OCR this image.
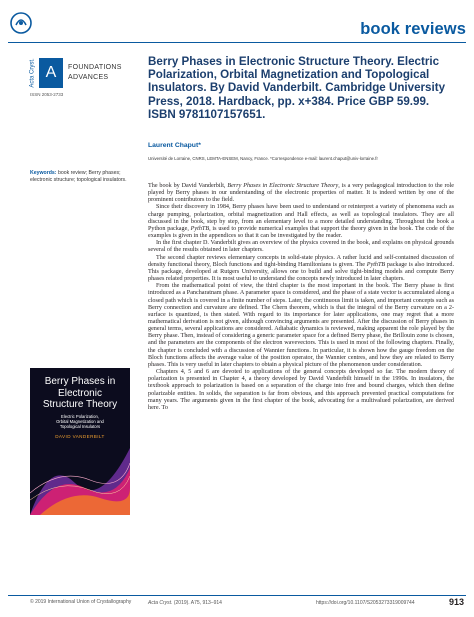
book reviews
Acta Cryst. A	FOUNDATIONS
ADVANCES
ISSN 2053-2733
Keywords: book review; Berry phases; electronic structure; topological insulators.
Berry Phases in
Electronic
Structure Theory
Electric Polarization,
Orbital Magnetization and
Topological Insulators
DAVID VANDERBILT
© 2019 International Union of Crystallography
Berry Phases in Electronic Structure Theory. Electric Polarization, Orbital Magnetization and Topological Insulators. By David Vanderbilt. Cambridge University Press, 2018. Hardback, pp. x+384. Price GBP 59.99. ISBN 9781107157651.
Laurent Chaput*
Université de Lorraine, CNRS, LEMTA-ENSEM, Nancy, France. *Correspondence e-mail: laurent.chaput@univ-lorraine.fr

The book by David Vanderbilt, Berry Phases in Electronic Structure Theory, is a very pedagogical introduction to the role played by Berry phases in our understanding of the electronic properties of matter. It is indeed written by one of the prominent contributors to the field.

Since their discovery in 1984, Berry phases have been used to understand or reinterpret a variety of phenomena such as charge pumping, polarization, orbital magnetization and Hall effects, as well as topological insulators. They are all discussed in the book, step by step, from an elementary level to a more detailed understanding. Throughout the book a Python package, PythTB, is used to provide numerical examples that support the theory given in the book. The code of the examples is given in the appendices so that it can be investigated by the reader.

In the first chapter D. Vanderbilt gives an overview of the physics covered in the book, and explains on physical grounds several of the results obtained in later chapters.

The second chapter reviews elementary concepts in solid-state physics. A rather lucid and self-contained discussion of density functional theory, Bloch functions and tight-binding Hamiltonians is given. The PythTB package is also introduced. This package, developed at Rutgers University, allows one to build and solve tight-binding models and compute Berry phases related properties. It is most useful to understand the concepts newly introduced in later chapters.

From the mathematical point of view, the third chapter is the most important in the book. The Berry phase is first introduced as a Pancharatnam phase. A parameter space is considered, and the phase of a state vector is accumulated along a closed path which is covered in a finite number of steps. Later, the continuous limit is taken, and important concepts such as Berry connection and curvature are defined. The Chern theorem, which is that the integral of the Berry curvature on a 2-surface is quantized, is then stated. With regard to its importance for later applications, one may regret that a more mathematical derivation is not given, although convincing arguments are presented. After the discussion of Berry phases in general terms, several applications are considered. Adiabatic dynamics is reviewed, making apparent the role played by the Berry phase. Then, instead of considering a generic parameter space for a defined Berry phase, the Brillouin zone is chosen, and the parameters are the components of the electron wavevectors. This is used in most of the following chapters. Finally, the chapter is concluded with a discussion of Wannier functions. In particular, it is shown how the gauge freedom on the Bloch functions affects the average value of the position operator, the Wannier centres, and how they are related to Berry phases. This is very useful in later chapters to obtain a physical picture of the phenomenon under consideration.

Chapters 4, 5 and 6 are devoted to applications of the general concepts developed so far. The modern theory of polarization is presented in Chapter 4, a theory developed by David Vanderbilt himself in the 1990s. In insulators, the textbook approach to polarization is based on a separation of the charge into free and bound charges, which then define polarizable entities. In solids, the separation is far from obvious, and this approach prevented practical computations for many years. The arguments given in the first chapter of the book, advocating for a multivalued polarization, are derived here. To

Acta Cryst. (2019). A75, 913–914	https://doi.org/10.1107/S2053273319009744	913
